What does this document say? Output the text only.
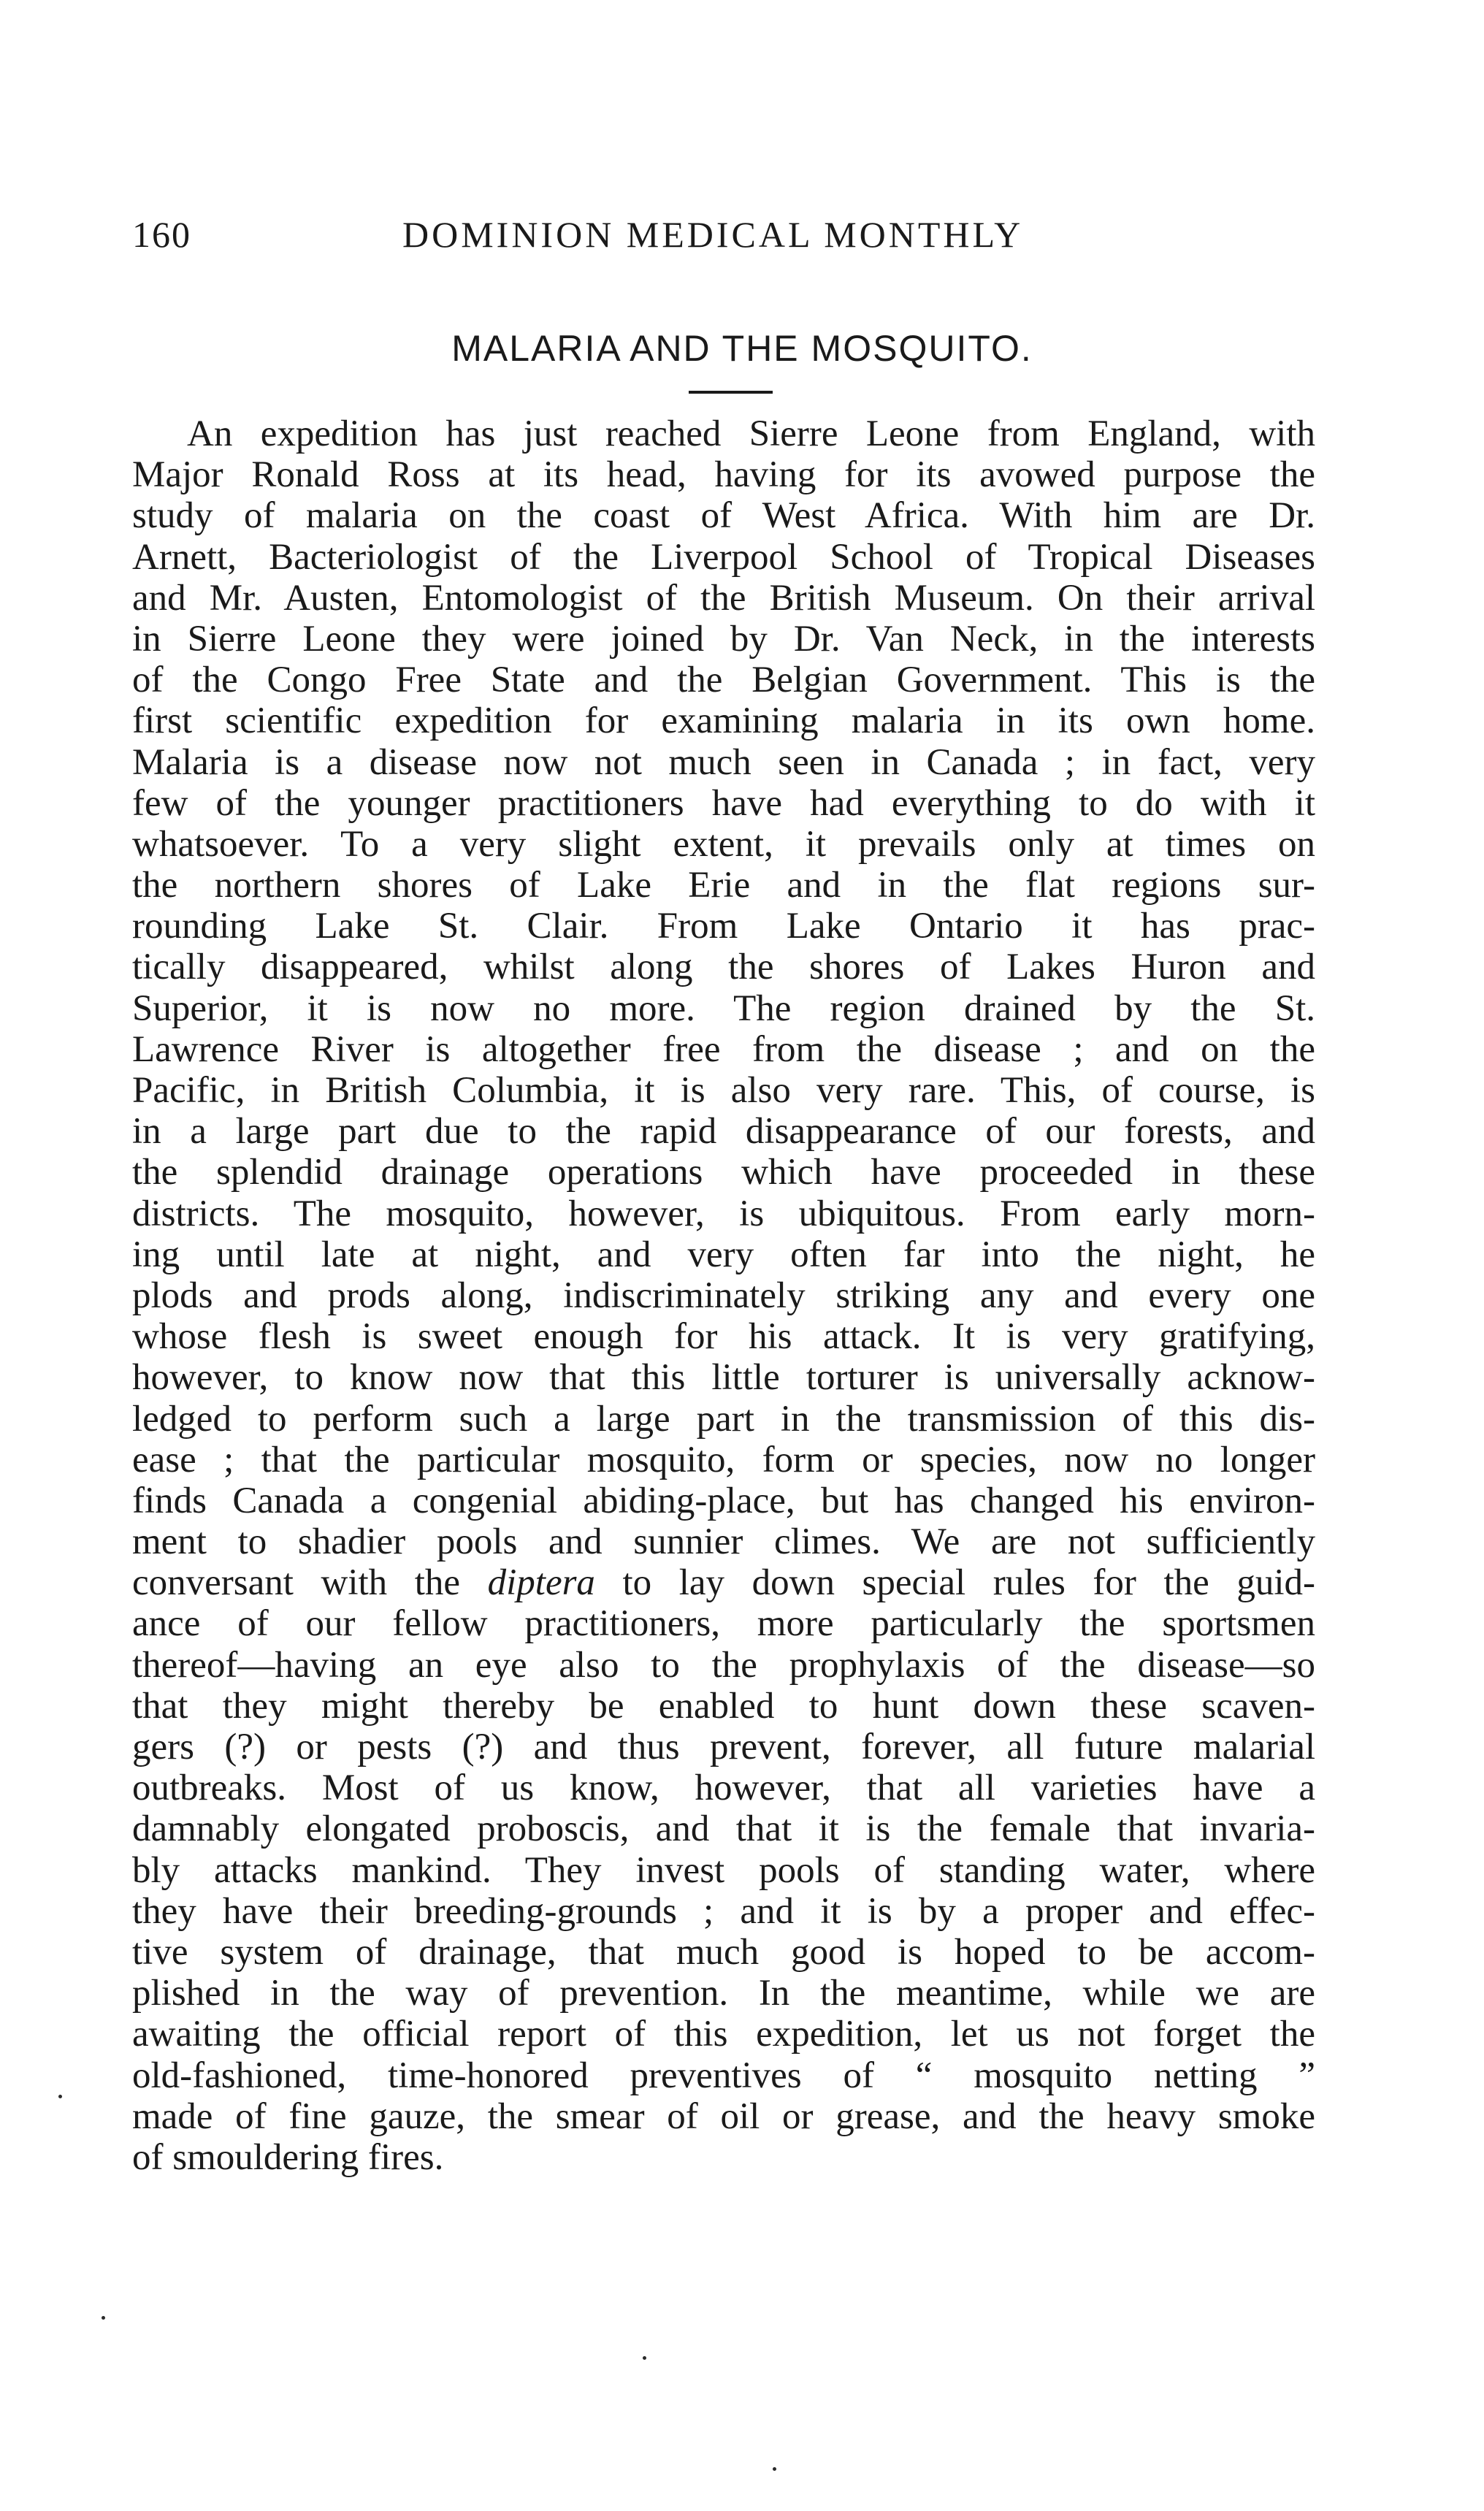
160	DOMINION MEDICAL MONTHLY
MALARIA AND THE MOSQUITO.
An expedition has just reached Sierre Leone from England, with
Major Ronald Ross at its head, having for its avowed purpose the
study of malaria on the coast of West Africa. With him are Dr.
Arnett, Bacteriologist of the Liverpool School of Tropical Diseases
and Mr. Austen, Entomologist of the British Museum. On their arrival
in Sierre Leone they were joined by Dr. Van Neck, in the interests
of the Congo Free State and the Belgian Government. This is the
first scientific expedition for examining malaria in its own home.
Malaria is a disease now not much seen in Canada ; in fact, very
few of the younger practitioners have had everything to do with it
whatsoever. To a very slight extent, it prevails only at times on
the northern shores of Lake Erie and in the flat regions sur-
rounding Lake St. Clair. From Lake Ontario it has prac-
tically disappeared, whilst along the shores of Lakes Huron and
Superior, it is now no more. The region drained by the St.
Lawrence River is altogether free from the disease ; and on the
Pacific, in British Columbia, it is also very rare. This, of course, is
in a large part due to the rapid disappearance of our forests, and
the splendid drainage operations which have proceeded in these
districts. The mosquito, however, is ubiquitous. From early morn-
ing until late at night, and very often far into the night, he
plods and prods along, indiscriminately striking any and every one
whose flesh is sweet enough for his attack. It is very gratifying,
however, to know now that this little torturer is universally acknow-
ledged to perform such a large part in the transmission of this dis-
ease ; that the particular mosquito, form or species, now no longer
finds Canada a congenial abiding-place, but has changed his environ-
ment to shadier pools and sunnier climes. We are not sufficiently
conversant with the diptera to lay down special rules for the guid-
ance of our fellow practitioners, more particularly the sportsmen
thereof—having an eye also to the prophylaxis of the disease—so
that they might thereby be enabled to hunt down these scaven-
gers (?) or pests (?) and thus prevent, forever, all future malarial
outbreaks. Most of us know, however, that all varieties have a
damnably elongated proboscis, and that it is the female that invaria-
bly attacks mankind. They invest pools of standing water, where
they have their breeding-grounds ; and it is by a proper and effec-
tive system of drainage, that much good is hoped to be accom-
plished in the way of prevention. In the meantime, while we are
awaiting the official report of this expedition, let us not forget the
old-fashioned, time-honored preventives of “ mosquito netting ”
made of fine gauze, the smear of oil or grease, and the heavy smoke
of smouldering fires.
